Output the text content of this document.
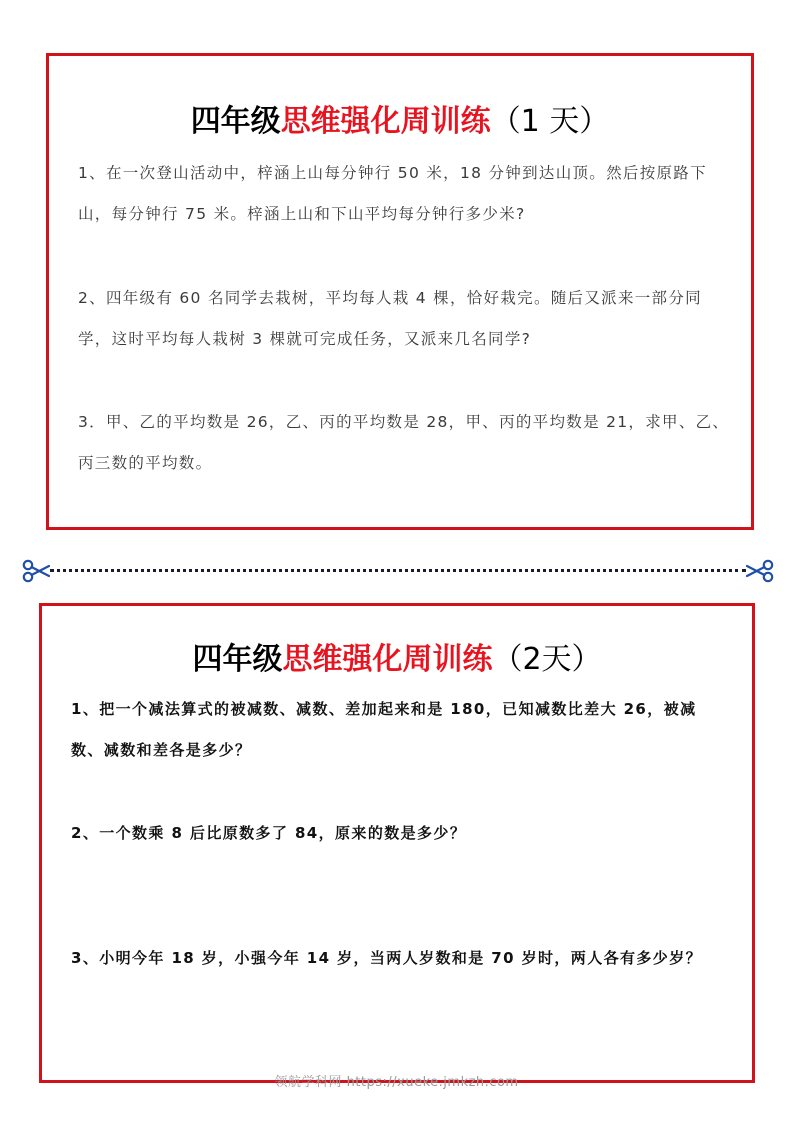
四年级思维强化周训练（1 天）
1、在一次登山活动中，梓涵上山每分钟行 50 米，18 分钟到达山顶。然后按原路下山，每分钟行 75 米。梓涵上山和下山平均每分钟行多少米?
2、四年级有 60 名同学去栽树，平均每人栽 4 棵，恰好栽完。随后又派来一部分同学，这时平均每人栽树 3 棵就可完成任务，又派来几名同学?
3．甲、乙的平均数是 26，乙、丙的平均数是 28，甲、丙的平均数是 21，求甲、乙、丙三数的平均数。
四年级思维强化周训练（2天）
1、把一个减法算式的被减数、减数、差加起来和是 180，已知减数比差大 26，被减数、减数和差各是多少？
2、一个数乘 8 后比原数多了 84，原来的数是多少？
3、小明今年 18 岁，小强今年 14 岁，当两人岁数和是 70 岁时，两人各有多少岁？
领航学科网 https://xueke.jmkzh.com
